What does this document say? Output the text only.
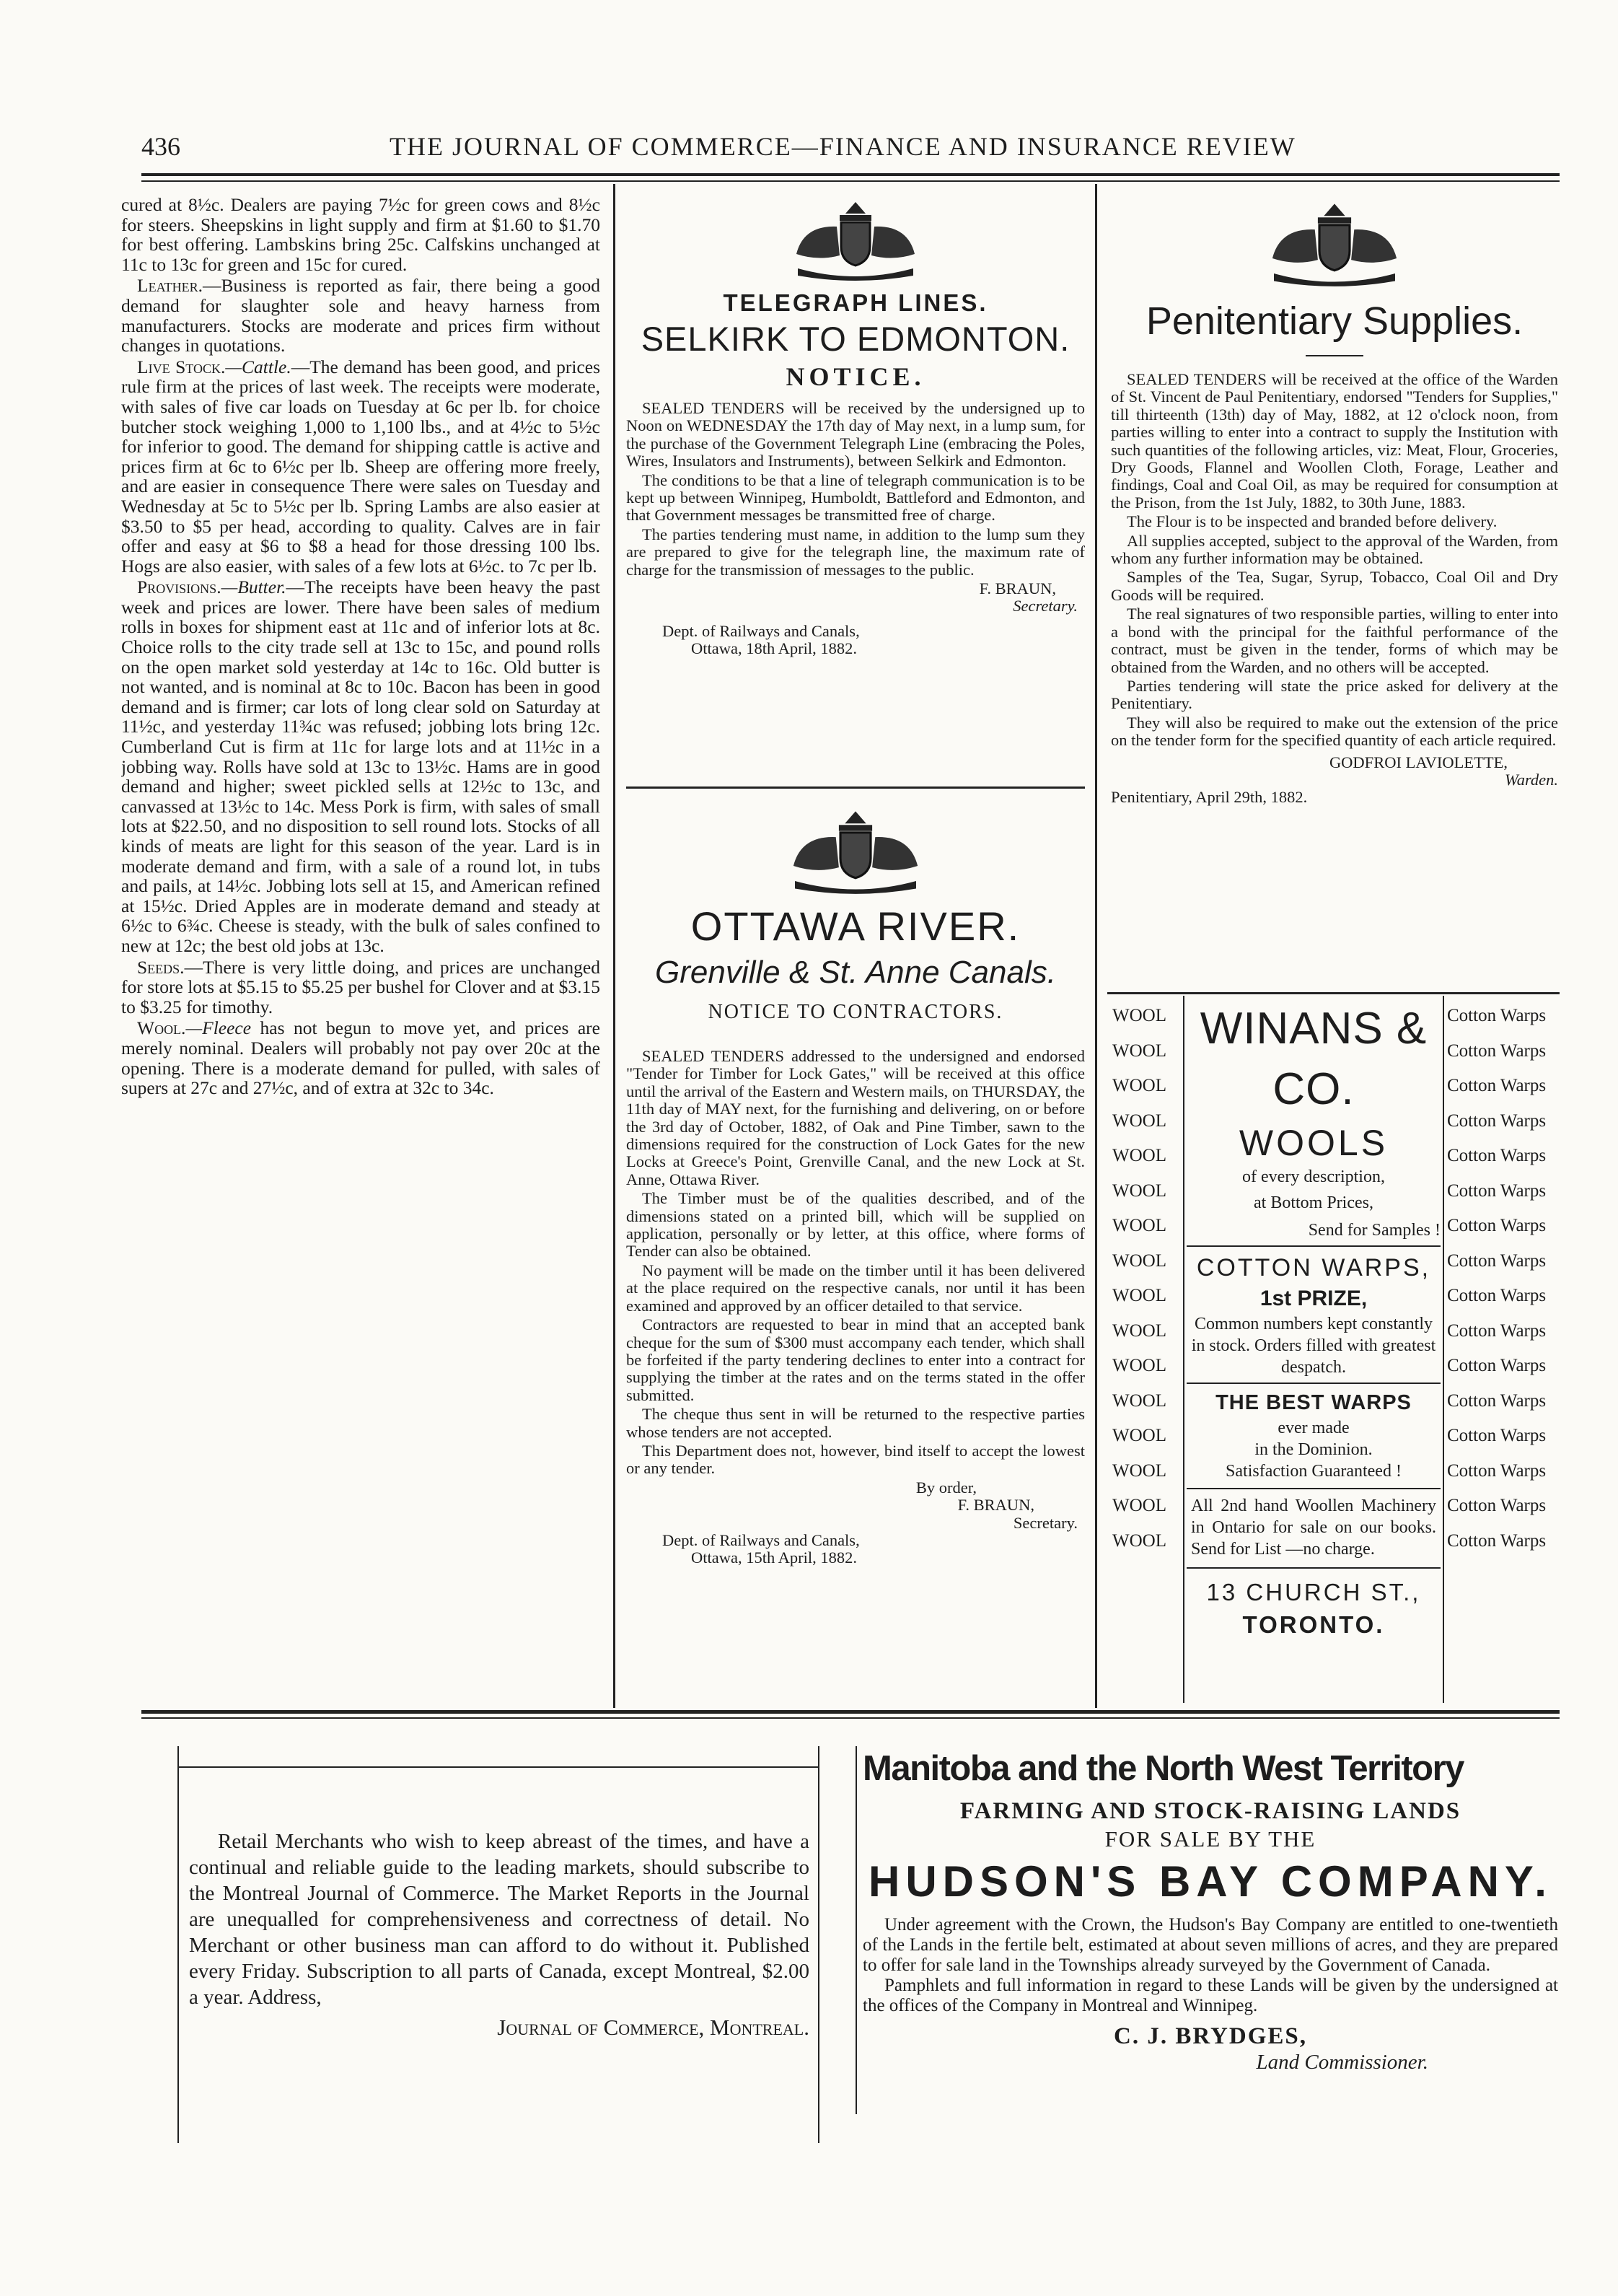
436	THE JOURNAL OF COMMERCE—FINANCE AND INSURANCE REVIEW

cured at 8½c. Dealers are paying 7½c for green cows and 8½c for steers. Sheepskins in light supply and firm at $1.60 to $1.70 for best offering. Lambskins bring 25c. Calfskins unchanged at 11c to 13c for green and 15c for cured.

Leather.—Business is reported as fair, there being a good demand for slaughter sole and heavy harness from manufacturers. Stocks are moderate and prices firm without changes in quotations.

Live Stock.—Cattle.—The demand has been good, and prices rule firm at the prices of last week. The receipts were moderate, with sales of five car loads on Tuesday at 6c per lb. for choice butcher stock weighing 1,000 to 1,100 lbs., and at 4½c to 5½c for inferior to good. The demand for shipping cattle is active and prices firm at 6c to 6½c per lb. Sheep are offering more freely, and are easier in consequence There were sales on Tuesday and Wednesday at 5c to 5½c per lb. Spring Lambs are also easier at $3.50 to $5 per head, according to quality. Calves are in fair offer and easy at $6 to $8 a head for those dressing 100 lbs. Hogs are also easier, with sales of a few lots at 6½c. to 7c per lb.

Provisions.—Butter.—The receipts have been heavy the past week and prices are lower. There have been sales of medium rolls in boxes for shipment east at 11c and of inferior lots at 8c. Choice rolls to the city trade sell at 13c to 15c, and pound rolls on the open market sold yesterday at 14c to 16c. Old butter is not wanted, and is nominal at 8c to 10c. Bacon has been in good demand and is firmer; car lots of long clear sold on Saturday at 11½c, and yesterday 11¾c was refused; jobbing lots bring 12c. Cumberland Cut is firm at 11c for large lots and at 11½c in a jobbing way. Rolls have sold at 13c to 13½c. Hams are in good demand and higher; sweet pickled sells at 12½c to 13c, and canvassed at 13½c to 14c. Mess Pork is firm, with sales of small lots at $22.50, and no disposition to sell round lots. Stocks of all kinds of meats are light for this season of the year. Lard is in moderate demand and firm, with a sale of a round lot, in tubs and pails, at 14½c. Jobbing lots sell at 15, and American refined at 15½c. Dried Apples are in moderate demand and steady at 6½c to 6¾c. Cheese is steady, with the bulk of sales confined to new at 12c; the best old jobs at 13c.

Seeds.—There is very little doing, and prices are unchanged for store lots at $5.15 to $5.25 per bushel for Clover and at $3.15 to $3.25 for timothy.

Wool.—Fleece has not begun to move yet, and prices are merely nominal. Dealers will probably not pay over 20c at the opening. There is a moderate demand for pulled, with sales of supers at 27c and 27½c, and of extra at 32c to 34c.

TELEGRAPH LINES.
SELKIRK TO EDMONTON.
NOTICE.

SEALED TENDERS will be received by the undersigned up to Noon on WEDNESDAY the 17th day of May next, in a lump sum, for the purchase of the Government Telegraph Line (embracing the Poles, Wires, Insulators and Instruments), between Selkirk and Edmonton.

The conditions to be that a line of telegraph communication is to be kept up between Winnipeg, Humboldt, Battleford and Edmonton, and that Government messages be transmitted free of charge.

The parties tendering must name, in addition to the lump sum they are prepared to give for the telegraph line, the maximum rate of charge for the transmission of messages to the public.

F. BRAUN,
Secretary.
Dept. of Railways and Canals,
Ottawa, 18th April, 1882.
OTTAWA RIVER.
Grenville & St. Anne Canals.
NOTICE TO CONTRACTORS.

SEALED TENDERS addressed to the undersigned and endorsed "Tender for Timber for Lock Gates," will be received at this office until the arrival of the Eastern and Western mails, on THURSDAY, the 11th day of MAY next, for the furnishing and delivering, on or before the 3rd day of October, 1882, of Oak and Pine Timber, sawn to the dimensions required for the construction of Lock Gates for the new Locks at Greece's Point, Grenville Canal, and the new Lock at St. Anne, Ottawa River.

The Timber must be of the qualities described, and of the dimensions stated on a printed bill, which will be supplied on application, personally or by letter, at this office, where forms of Tender can also be obtained.

No payment will be made on the timber until it has been delivered at the place required on the respective canals, nor until it has been examined and approved by an officer detailed to that service.

Contractors are requested to bear in mind that an accepted bank cheque for the sum of $300 must accompany each tender, which shall be forfeited if the party tendering declines to enter into a contract for supplying the timber at the rates and on the terms stated in the offer submitted.

The cheque thus sent in will be returned to the respective parties whose tenders are not accepted.

This Department does not, however, bind itself to accept the lowest or any tender.

By order,
F. BRAUN,
Secretary.
Dept. of Railways and Canals,
Ottawa, 15th April, 1882.
Penitentiary Supplies.

SEALED TENDERS will be received at the office of the Warden of St. Vincent de Paul Penitentiary, endorsed "Tenders for Supplies," till thirteenth (13th) day of May, 1882, at 12 o'clock noon, from parties willing to enter into a contract to supply the Institution with such quantities of the following articles, viz: Meat, Flour, Groceries, Dry Goods, Flannel and Woollen Cloth, Forage, Leather and findings, Coal and Coal Oil, as may be required for consumption at the Prison, from the 1st July, 1882, to 30th June, 1883.

The Flour is to be inspected and branded before delivery.

All supplies accepted, subject to the approval of the Warden, from whom any further information may be obtained.

Samples of the Tea, Sugar, Syrup, Tobacco, Coal Oil and Dry Goods will be required.

The real signatures of two responsible parties, willing to enter into a bond with the principal for the faithful performance of the contract, must be given in the tender, forms of which may be obtained from the Warden, and no others will be accepted.

Parties tendering will state the price asked for delivery at the Penitentiary.

They will also be required to make out the extension of the price on the tender form for the specified quantity of each article required.

GODFROI LAVIOLETTE,
Warden.
Penitentiary, April 29th, 1882.
WOOL
WOOL
WOOL
WOOL
WOOL
WOOL
WOOL
WOOL
WOOL
WOOL
WOOL
WOOL
WOOL
WOOL
WOOL
WOOL
Cotton Warps
Cotton Warps
Cotton Warps
Cotton Warps
Cotton Warps
Cotton Warps
Cotton Warps
Cotton Warps
Cotton Warps
Cotton Warps
Cotton Warps
Cotton Warps
Cotton Warps
Cotton Warps
Cotton Warps
Cotton Warps
WINANS & CO.
WOOLS
of every description,
at Bottom Prices,
Send for Samples !
COTTON WARPS,
1st PRIZE,
Common numbers kept constantly in stock. Orders filled with greatest despatch.
THE BEST WARPS
ever made
in the Dominion.
Satisfaction Guaranteed !
All 2nd hand Woollen Machinery in Ontario for sale on our books. Send for List —no charge.
13 CHURCH ST.,
TORONTO.

Retail Merchants who wish to keep abreast of the times, and have a continual and reliable guide to the leading markets, should subscribe to the Montreal Journal of Commerce. The Market Reports in the Journal are unequalled for comprehensiveness and correctness of detail. No Merchant or other business man can afford to do without it. Published every Friday. Subscription to all parts of Canada, except Montreal, $2.00 a year. Address,

Journal of Commerce, Montreal.
Manitoba and the North West Territory
FARMING AND STOCK-RAISING LANDS
FOR SALE BY THE
HUDSON'S BAY COMPANY.

Under agreement with the Crown, the Hudson's Bay Company are entitled to one-twentieth of the Lands in the fertile belt, estimated at about seven millions of acres, and they are prepared to offer for sale land in the Townships already surveyed by the Government of Canada.

Pamphlets and full information in regard to these Lands will be given by the undersigned at the offices of the Company in Montreal and Winnipeg.

C. J. BRYDGES,
Land Commissioner.
